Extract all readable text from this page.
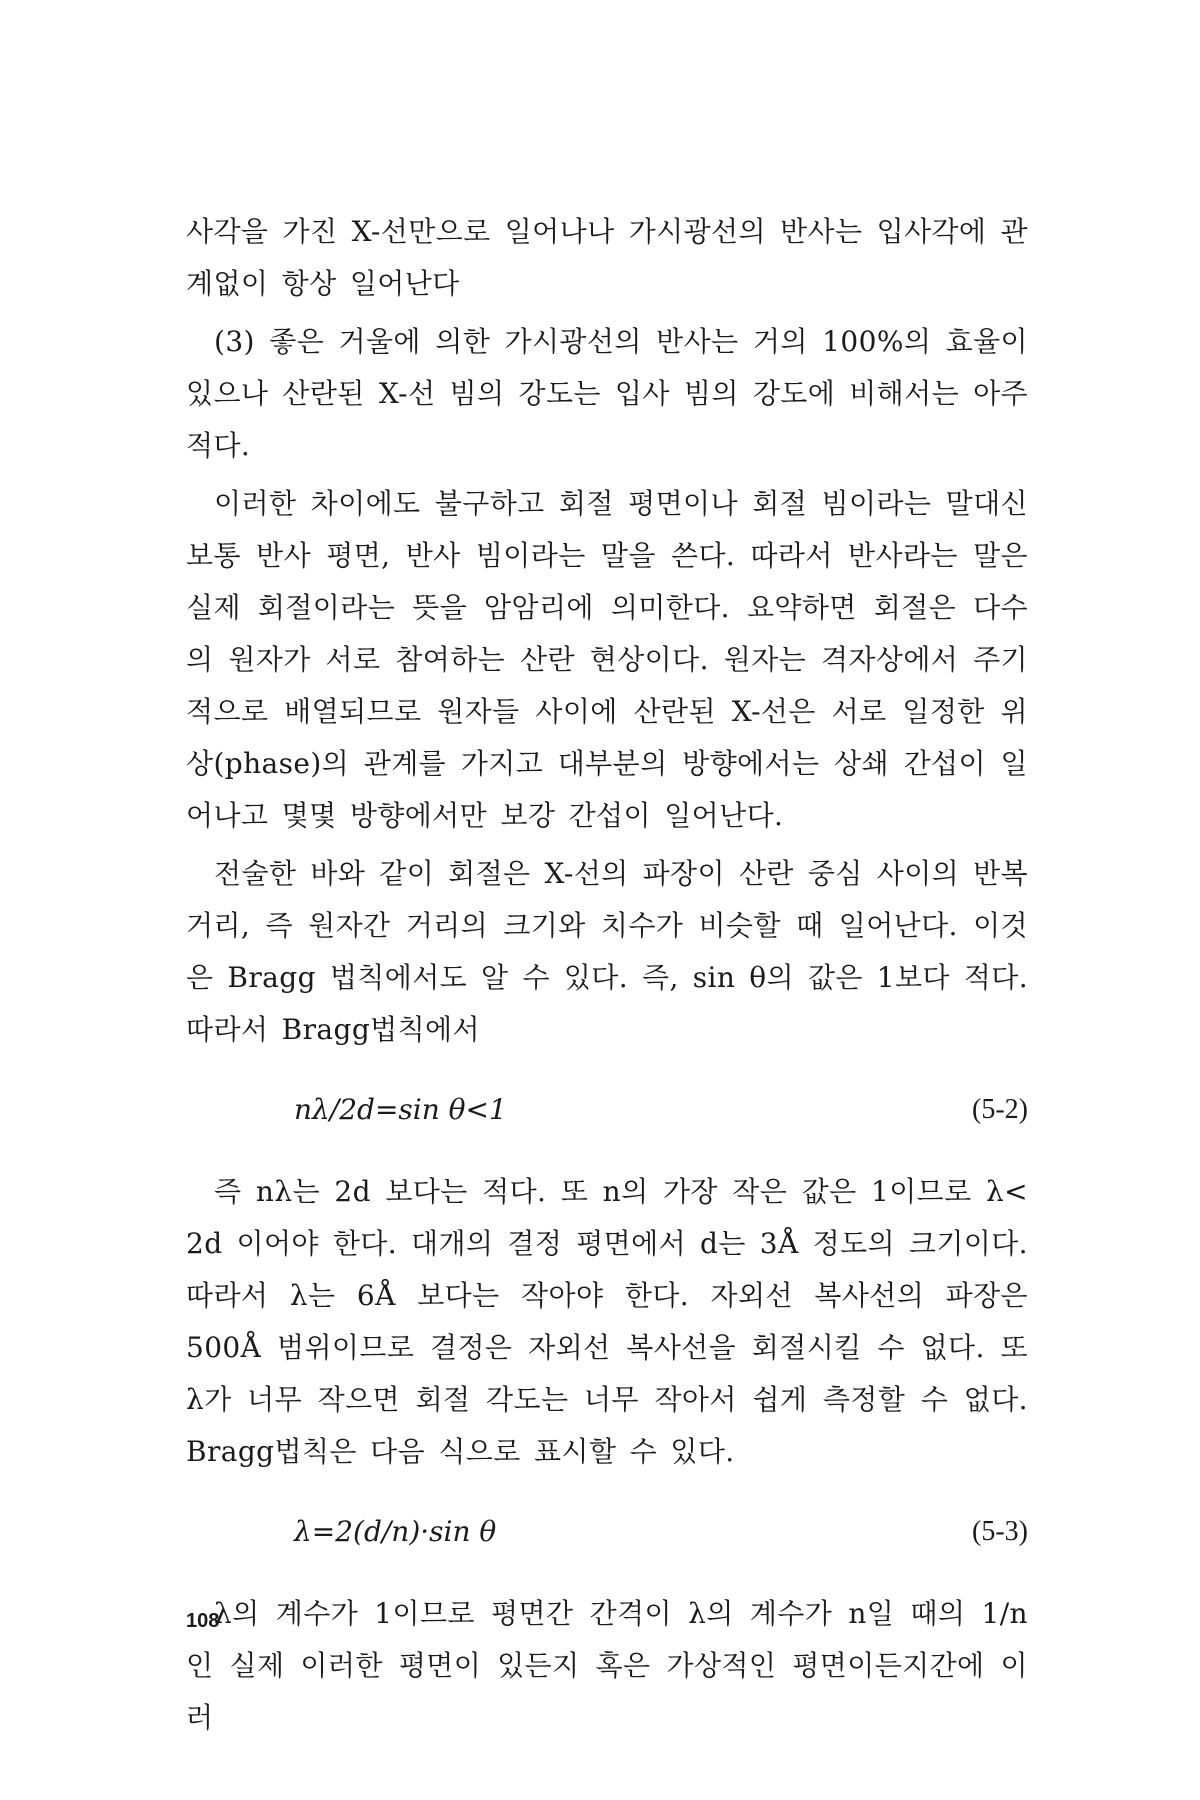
사각을 가진 X-선만으로 일어나나 가시광선의 반사는 입사각에 관계없이 항상 일어난다

(3) 좋은 거울에 의한 가시광선의 반사는 거의 100%의 효율이 있으나 산란된 X-선 빔의 강도는 입사 빔의 강도에 비해서는 아주 적다.

이러한 차이에도 불구하고 회절 평면이나 회절 빔이라는 말대신 보통 반사 평면, 반사 빔이라는 말을 쓴다. 따라서 반사라는 말은 실제 회절이라는 뜻을 암암리에 의미한다. 요약하면 회절은 다수의 원자가 서로 참여하는 산란 현상이다. 원자는 격자상에서 주기적으로 배열되므로 원자들 사이에 산란된 X-선은 서로 일정한 위상(phase)의 관계를 가지고 대부분의 방향에서는 상쇄 간섭이 일어나고 몇몇 방향에서만 보강 간섭이 일어난다.

전술한 바와 같이 회절은 X-선의 파장이 산란 중심 사이의 반복 거리, 즉 원자간 거리의 크기와 치수가 비슷할 때 일어난다. 이것은 Bragg 법칙에서도 알 수 있다. 즉, sin θ의 값은 1보다 적다. 따라서 Bragg법칙에서

nλ/2d=sin θ<1	(5-2)

즉 nλ는 2d 보다는 적다. 또 n의 가장 작은 값은 1이므로 λ< 2d 이어야 한다. 대개의 결정 평면에서 d는 3Å 정도의 크기이다. 따라서 λ는 6Å 보다는 작아야 한다. 자외선 복사선의 파장은 500Å 범위이므로 결정은 자외선 복사선을 회절시킬 수 없다. 또 λ가 너무 작으면 회절 각도는 너무 작아서 쉽게 측정할 수 없다. Bragg법칙은 다음 식으로 표시할 수 있다.

λ=2(d/n)·sin θ	(5-3)

λ의 계수가 1이므로 평면간 간격이 λ의 계수가 n일 때의 1/n 인 실제 이러한 평면이 있든지 혹은 가상적인 평면이든지간에 이러

108
